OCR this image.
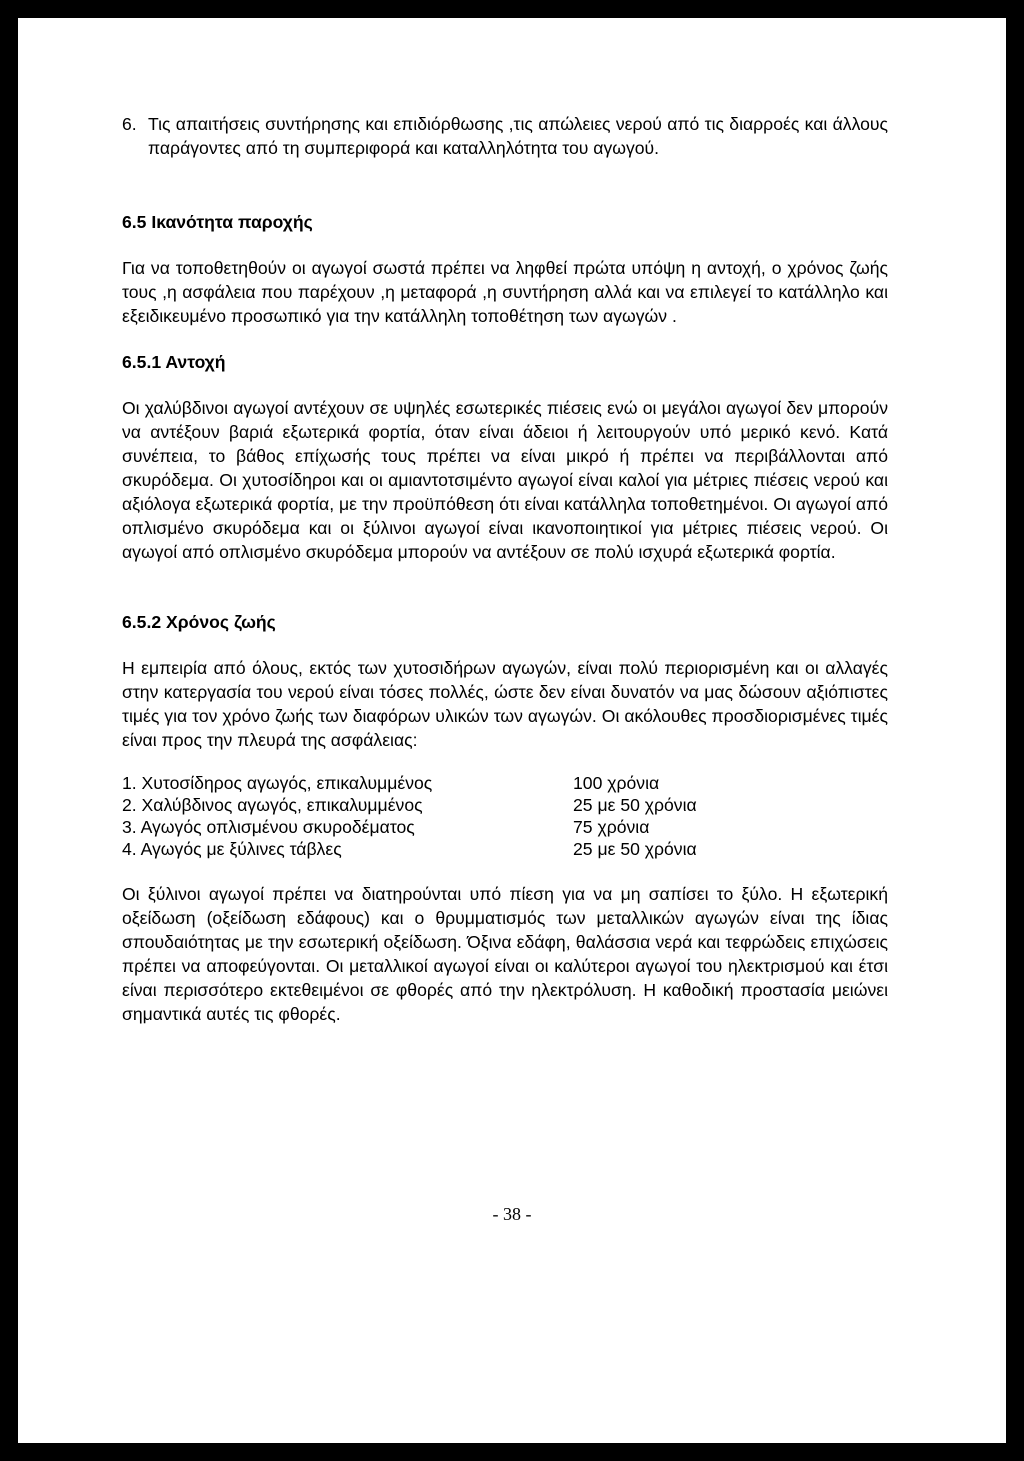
6. Τις απαιτήσεις συντήρησης και επιδιόρθωσης ,τις απώλειες νερού από τις διαρροές και άλλους παράγοντες από τη συμπεριφορά και καταλληλότητα του αγωγού.
6.5 Ικανότητα παροχής

Για να τοποθετηθούν οι αγωγοί σωστά πρέπει να ληφθεί πρώτα υπόψη η αντοχή, ο χρόνος ζωής τους ,η ασφάλεια που παρέχουν ,η μεταφορά ,η συντήρηση αλλά και να επιλεγεί το κατάλληλο και εξειδικευμένο προσωπικό για την κατάλληλη τοποθέτηση των αγωγών .

6.5.1 Αντοχή

Οι χαλύβδινοι αγωγοί αντέχουν σε υψηλές εσωτερικές πιέσεις ενώ οι μεγάλοι αγωγοί δεν μπορούν να αντέξουν βαριά εξωτερικά φορτία, όταν είναι άδειοι ή λειτουργούν υπό μερικό κενό. Κατά συνέπεια, το βάθος επίχωσής τους πρέπει να είναι μικρό ή πρέπει να περιβάλλονται από σκυρόδεμα. Οι χυτοσίδηροι και οι αμιαντοτσιμέντο αγωγοί είναι καλοί για μέτριες πιέσεις νερού και αξιόλογα εξωτερικά φορτία, με την προϋπόθεση ότι είναι κατάλληλα τοποθετημένοι. Οι αγωγοί από οπλισμένο σκυρόδεμα και οι ξύλινοι αγωγοί είναι ικανοποιητικοί για μέτριες πιέσεις νερού. Οι αγωγοί από οπλισμένο σκυρόδεμα μπορούν να αντέξουν σε πολύ ισχυρά εξωτερικά φορτία.

6.5.2 Χρόνος ζωής

Η εμπειρία από όλους, εκτός των χυτοσιδήρων αγωγών, είναι πολύ περιορισμένη και οι αλλαγές στην κατεργασία του νερού είναι τόσες πολλές, ώστε δεν είναι δυνατόν να μας δώσουν αξιόπιστες τιμές για τον χρόνο ζωής των διαφόρων υλικών των αγωγών. Οι ακόλουθες προσδιορισμένες τιμές είναι προς την πλευρά της ασφάλειας:

1. Χυτοσίδηρος αγωγός, επικαλυμμένος	100 χρόνια
2. Χαλύβδινος αγωγός, επικαλυμμένος	25 με 50 χρόνια
3. Αγωγός οπλισμένου σκυροδέματος	75 χρόνια
4. Αγωγός με ξύλινες τάβλες	25 με 50 χρόνια

Οι ξύλινοι αγωγοί πρέπει να διατηρούνται υπό πίεση για να μη σαπίσει το ξύλο. Η εξωτερική οξείδωση (οξείδωση εδάφους) και ο θρυμματισμός των μεταλλικών αγωγών είναι της ίδιας σπουδαιότητας με την εσωτερική οξείδωση. Όξινα εδάφη, θαλάσσια νερά και τεφρώδεις επιχώσεις πρέπει να αποφεύγονται. Οι μεταλλικοί αγωγοί είναι οι καλύτεροι αγωγοί του ηλεκτρισμού και έτσι είναι περισσότερο εκτεθειμένοι σε φθορές από την ηλεκτρόλυση. Η καθοδική προστασία μειώνει σημαντικά αυτές τις φθορές.

- 38 -
